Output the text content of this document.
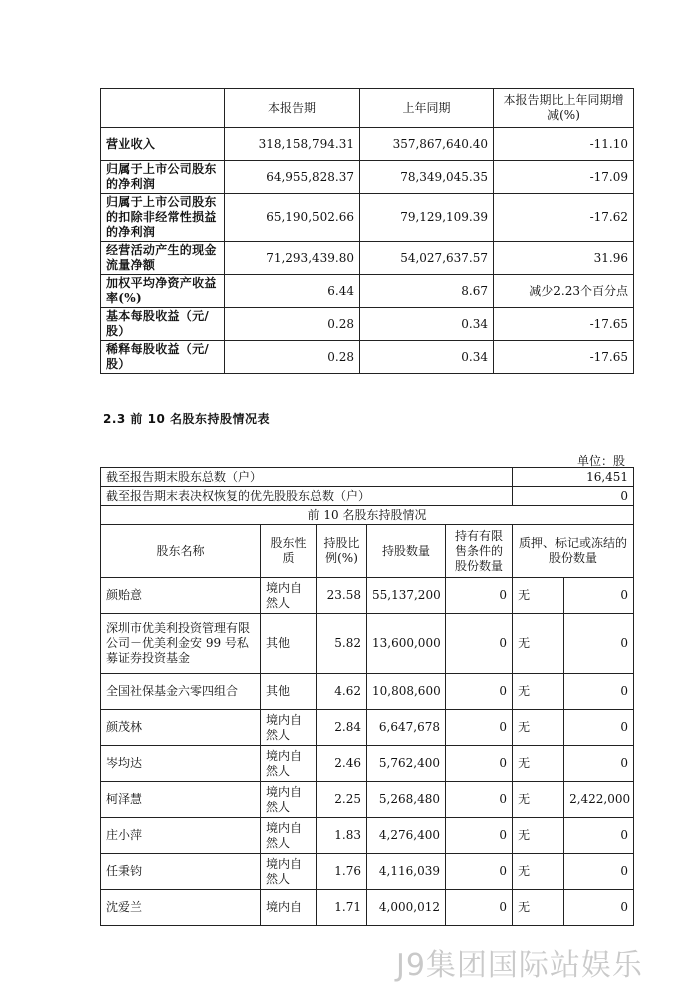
	本报告期	上年同期	本报告期比上年同期增减(%)
营业收入	318,158,794.31	357,867,640.40	-11.10
归属于上市公司股东的净利润	64,955,828.37	78,349,045.35	-17.09
归属于上市公司股东的扣除非经常性损益的净利润	65,190,502.66	79,129,109.39	-17.62
经营活动产生的现金流量净额	71,293,439.80	54,027,637.57	31.96
加权平均净资产收益率(%)	6.44	8.67	减少2.23个百分点
基本每股收益（元/股）	0.28	0.34	-17.65
稀释每股收益（元/股）	0.28	0.34	-17.65
2.3 前 10 名股东持股情况表
单位：股
截至报告期末股东总数（户）					16,451	
截至报告期末表决权恢复的优先股股东总数（户）					0	
前 10 名股东持股情况						
股东名称	股东性质	持股比例(%)	持股数量	持有有限售条件的股份数量	质押、标记或冻结的股份数量	
颜贻意	境内自然人	23.58	55,137,200	0	无	0
深圳市优美利投资管理有限公司－优美利金安 99 号私募证券投资基金	其他	5.82	13,600,000	0	无	0
全国社保基金六零四组合	其他	4.62	10,808,600	0	无	0
颜茂林	境内自然人	2.84	6,647,678	0	无	0
岑均达	境内自然人	2.46	5,762,400	0	无	0
柯泽慧	境内自然人	2.25	5,268,480	0	无	2,422,000
庄小萍	境内自然人	1.83	4,276,400	0	无	0
任秉钧	境内自然人	1.76	4,116,039	0	无	0
沈爱兰	境内自	1.71	4,000,012	0	无	0
J9集团国际站娱乐
